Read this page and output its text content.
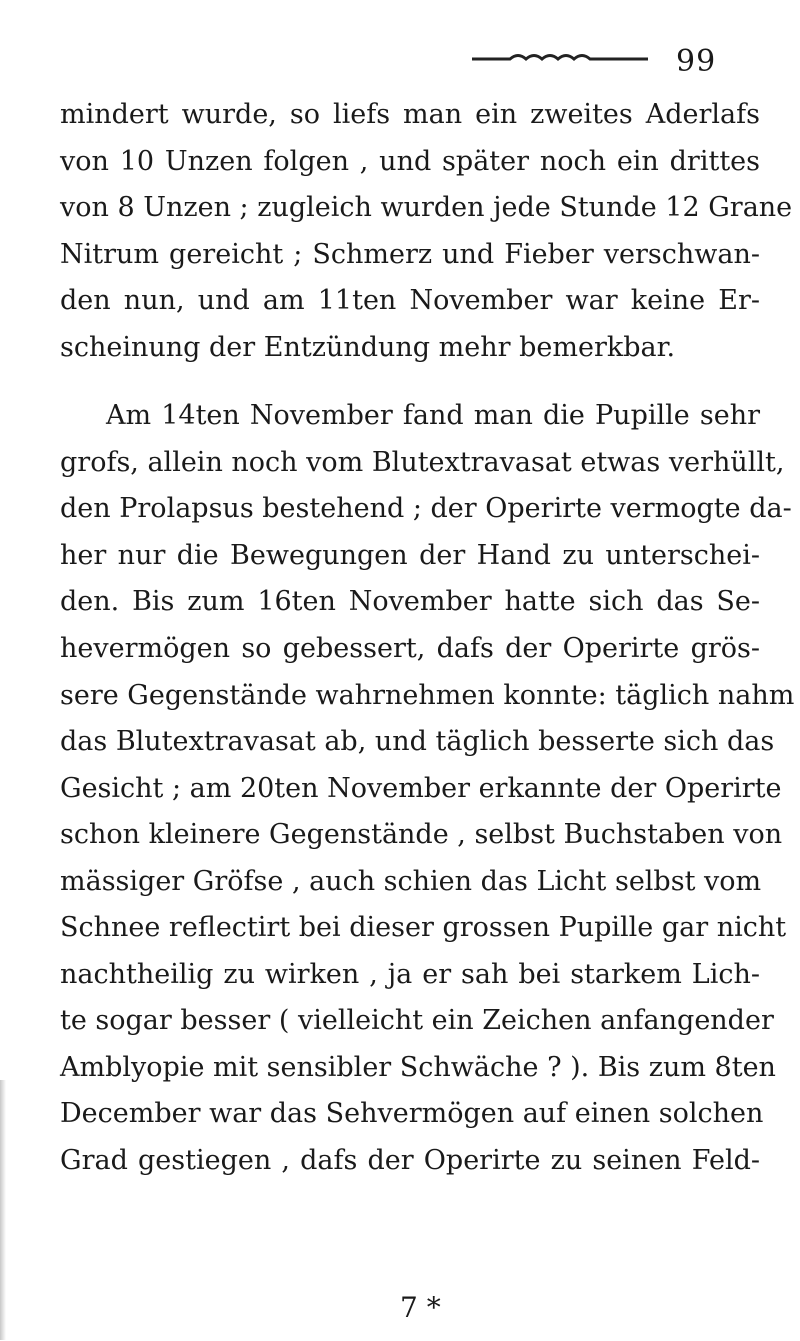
99
mindert wurde, so liefs man ein zweites Aderlafs
von 10 Unzen folgen , und später noch ein drittes
von 8 Unzen ; zugleich wurden jede Stunde 12 Grane
Nitrum gereicht ; Schmerz und Fieber verschwan-
den nun, und am 11ten November war keine Er-
scheinung der Entzündung mehr bemerkbar.
Am 14ten November fand man die Pupille sehr
grofs, allein noch vom Blutextravasat etwas verhüllt,
den Prolapsus bestehend ; der Operirte vermogte da-
her nur die Bewegungen der Hand zu unterschei-
den. Bis zum 16ten November hatte sich das Se-
hevermögen so gebessert, dafs der Operirte grös-
sere Gegenstände wahrnehmen konnte: täglich nahm
das Blutextravasat ab, und täglich besserte sich das
Gesicht ; am 20ten November erkannte der Operirte
schon kleinere Gegenstände , selbst Buchstaben von
mässiger Gröfse , auch schien das Licht selbst vom
Schnee reflectirt bei dieser grossen Pupille gar nicht
nachtheilig zu wirken , ja er sah bei starkem Lich-
te sogar besser ( vielleicht ein Zeichen anfangender
Amblyopie mit sensibler Schwäche ? ). Bis zum 8ten
December war das Sehvermögen auf einen solchen
Grad gestiegen , dafs der Operirte zu seinen Feld-
7 *
